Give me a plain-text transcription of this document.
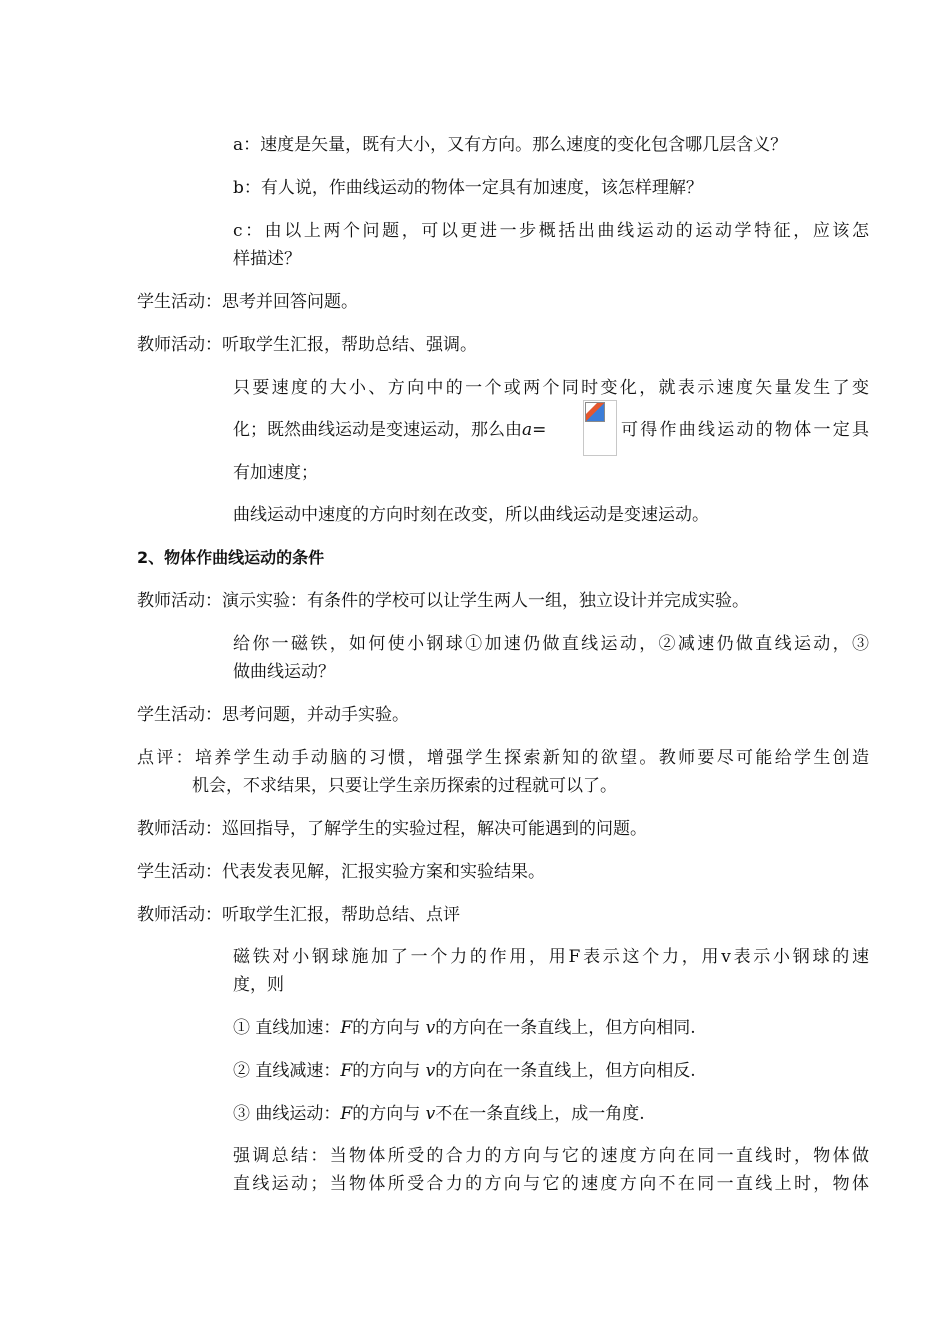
a：速度是矢量，既有大小，又有方向。那么速度的变化包含哪几层含义？
b：有人说，作曲线运动的物体一定具有加速度，该怎样理解？
c：由以上两个问题，可以更进一步概括出曲线运动的运动学特征，应该怎
样描述？
学生活动：思考并回答问题。
教师活动：听取学生汇报，帮助总结、强调。
只要速度的大小、方向中的一个或两个同时变化，就表示速度矢量发生了变
化；既然曲线运动是变速运动，那么由a=	可得作曲线运动的物体一定具
有加速度；
曲线运动中速度的方向时刻在改变，所以曲线运动是变速运动。
2、物体作曲线运动的条件
教师活动：演示实验：有条件的学校可以让学生两人一组，独立设计并完成实验。
给你一磁铁，如何使小钢球①加速仍做直线运动，②减速仍做直线运动，③
做曲线运动？
学生活动：思考问题，并动手实验。
点评：培养学生动手动脑的习惯，增强学生探索新知的欲望。教师要尽可能给学生创造
机会，不求结果，只要让学生亲历探索的过程就可以了。
教师活动：巡回指导，了解学生的实验过程，解决可能遇到的问题。
学生活动：代表发表见解，汇报实验方案和实验结果。
教师活动：听取学生汇报，帮助总结、点评
磁铁对小钢球施加了一个力的作用，用F表示这个力，用v表示小钢球的速
度，则
① 直线加速：F的方向与 v的方向在一条直线上，但方向相同.
② 直线减速：F的方向与 v的方向在一条直线上，但方向相反.
③ 曲线运动：F的方向与 v不在一条直线上，成一角度.
强调总结：当物体所受的合力的方向与它的速度方向在同一直线时，物体做
直线运动；当物体所受合力的方向与它的速度方向不在同一直线上时，物体
